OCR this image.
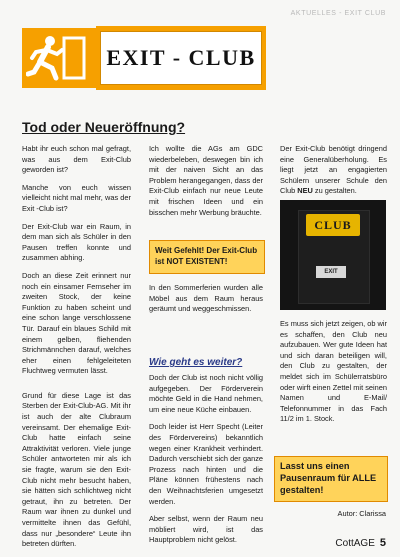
AKTUELLES - EXIT CLUB
EXIT - CLUB
Tod oder Neueröffnung?

Habt ihr euch schon mal gefragt, was aus dem Exit-Club geworden ist?

Manche von euch wissen vielleicht nicht mal mehr, was der Exit -Club ist?

Der Exit-Club war ein Raum, in dem man sich als Schüler in den Pausen treffen konnte und zusammen abhing.

Doch an diese Zeit erinnert nur noch ein einsamer Fernseher im zweiten Stock, der keine Funktion zu haben scheint und eine schon lange verschlossene Tür. Darauf ein blaues Schild mit einem gelben, fliehenden Strichmännchen darauf, welches eher einen fehlgeleiteten Fluchtweg vermuten lässt.

Grund für diese Lage ist das Sterben der Exit-Club-AG. Mit ihr ist auch der alte Clubraum vereinsamt. Der ehemalige Exit-Club hatte einfach seine Attraktivität verloren. Viele junge Schüler antworteten mir als ich sie fragte, warum sie den Exit-Club nicht mehr besucht haben, sie hätten sich schlichtweg nicht getraut, ihn zu betreten. Der Raum war ihnen zu dunkel und vermittelte ihnen das Gefühl, dass nur „besondere“ Leute ihn betreten dürften.

Ich wollte die AGs am GDC wiederbeleben, deswegen bin ich mit der naiven Sicht an das Problem herangegangen, dass der Exit-Club einfach nur neue Leute mit frischen Ideen und ein bisschen mehr Werbung bräuchte.

Weit Gefehlt! Der Exit-Club ist NOT EXISTENT!

In den Sommerferien wurden alle Möbel aus dem Raum heraus geräumt und weggeschmissen.

Wie geht es weiter?

Doch der Club ist noch nicht völlig aufgegeben. Der Förderverein möchte Geld in die Hand nehmen, um eine neue Küche einbauen.

Doch leider ist Herr Specht (Leiter des Fördervereins) bekanntlich wegen einer Krankheit verhindert. Dadurch verschiebt sich der ganze Prozess nach hinten und die Pläne können frühestens nach den Weihnachtsferien umgesetzt werden.

Aber selbst, wenn der Raum neu möbliert wird, ist das Hauptproblem nicht gelöst.

Der Exit-Club benötigt dringend eine Generalüberholung. Es liegt jetzt an engagierten Schülern unserer Schule den Club NEU zu gestalten.

CLUB
EXIT

Es muss sich jetzt zeigen, ob wir es schaffen, den Club neu aufzubauen. Wer gute Ideen hat und sich daran beteiligen will, den Club zu gestalten, der meldet sich im Schülerratsbüro oder wirft einen Zettel mit seinen Namen und E-Mail/ Telefonnummer in das Fach 11/2 im 1. Stock.

Lasst uns einen Pausenraum für ALLE gestalten!
Autor: Clarissa
CottAGE 5
